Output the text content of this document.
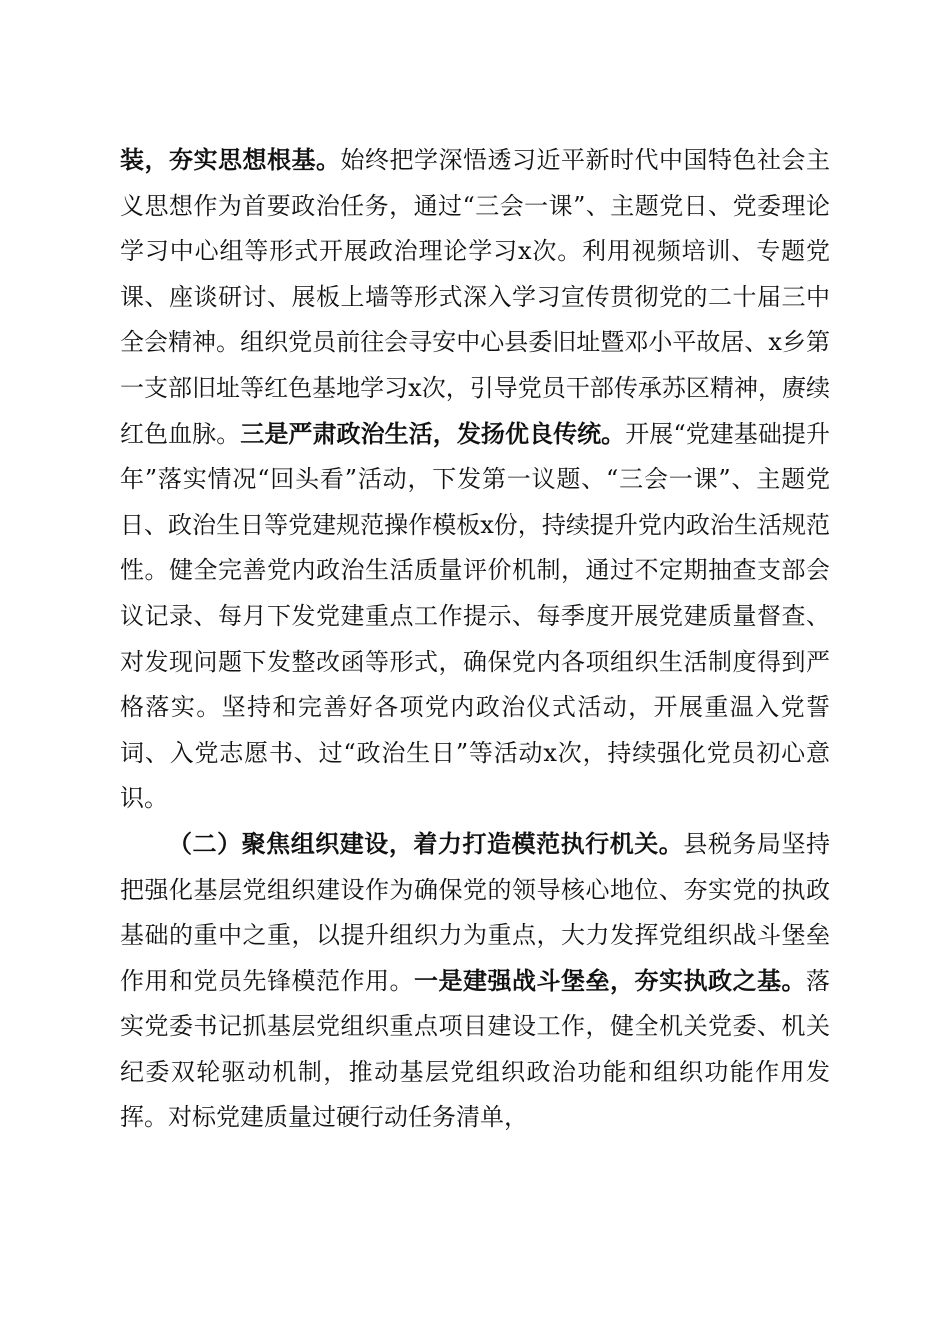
装，夯实思想根基。始终把学深悟透习近平新时代中国特色社会主义思想作为首要政治任务，通过“三会一课”、主题党日、党委理论学习中心组等形式开展政治理论学习x次。利用视频培训、专题党课、座谈研讨、展板上墙等形式深入学习宣传贯彻党的二十届三中全会精神。组织党员前往会寻安中心县委旧址暨邓小平故居、x乡第一支部旧址等红色基地学习x次，引导党员干部传承苏区精神，赓续红色血脉。三是严肃政治生活，发扬优良传统。开展“党建基础提升年”落实情况“回头看”活动，下发第一议题、“三会一课”、主题党日、政治生日等党建规范操作模板x份，持续提升党内政治生活规范性。健全完善党内政治生活质量评价机制，通过不定期抽查支部会议记录、每月下发党建重点工作提示、每季度开展党建质量督查、对发现问题下发整改函等形式，确保党内各项组织生活制度得到严格落实。坚持和完善好各项党内政治仪式活动，开展重温入党誓词、入党志愿书、过“政治生日”等活动x次，持续强化党员初心意识。

（二）聚焦组织建设，着力打造模范执行机关。县税务局坚持把强化基层党组织建设作为确保党的领导核心地位、夯实党的执政基础的重中之重，以提升组织力为重点，大力发挥党组织战斗堡垒作用和党员先锋模范作用。一是建强战斗堡垒，夯实执政之基。落实党委书记抓基层党组织重点项目建设工作，健全机关党委、机关纪委双轮驱动机制，推动基层党组织政治功能和组织功能作用发挥。对标党建质量过硬行动任务清单，
